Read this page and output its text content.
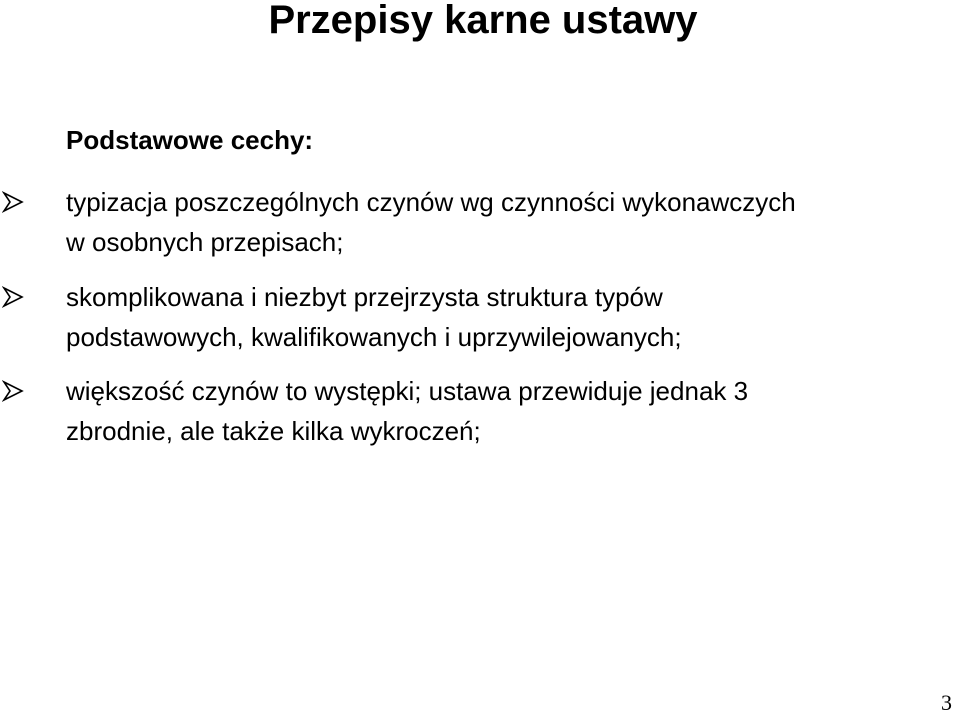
Przepisy karne ustawy
Podstawowe cechy:
typizacja poszczególnych czynów wg czynności wykonawczych
w osobnych przepisach;
skomplikowana i niezbyt przejrzysta struktura typów
podstawowych, kwalifikowanych i uprzywilejowanych;
większość czynów to występki; ustawa przewiduje jednak 3
zbrodnie, ale także kilka wykroczeń;
3
